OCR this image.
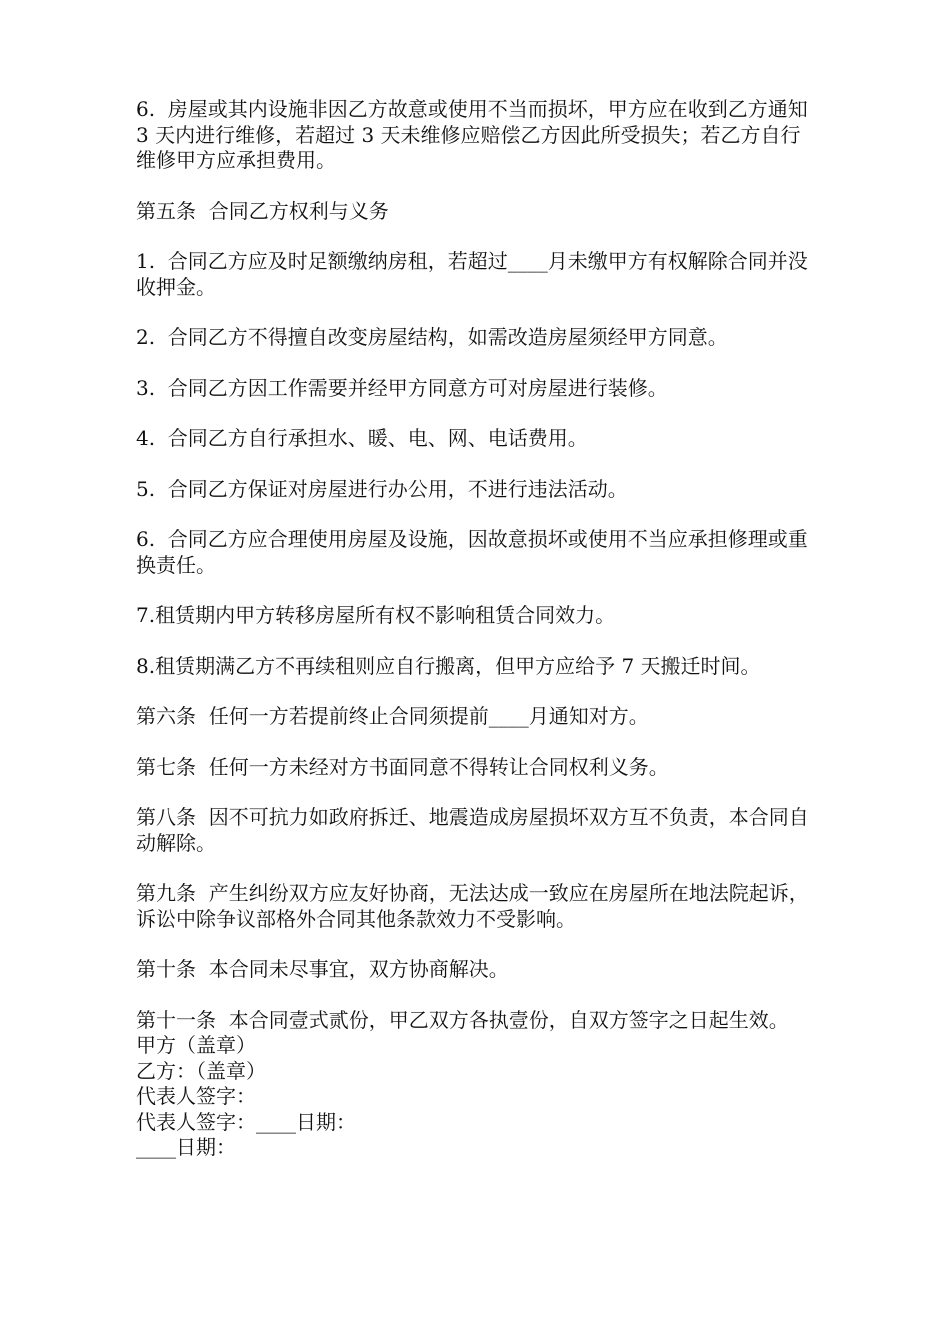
6.  房屋或其内设施非因乙方故意或使用不当而损坏，甲方应在收到乙方通知 3 天内进行维修，若超过 3 天未维修应赔偿乙方因此所受损失；若乙方自行维修甲方应承担费用。

第五条  合同乙方权利与义务

1.  合同乙方应及时足额缴纳房租，若超过____月未缴甲方有权解除合同并没收押金。

2.  合同乙方不得擅自改变房屋结构，如需改造房屋须经甲方同意。

3.  合同乙方因工作需要并经甲方同意方可对房屋进行装修。

4.  合同乙方自行承担水、暖、电、网、电话费用。

5.  合同乙方保证对房屋进行办公用，不进行违法活动。

6.  合同乙方应合理使用房屋及设施，因故意损坏或使用不当应承担修理或重换责任。

7.租赁期内甲方转移房屋所有权不影响租赁合同效力。

8.租赁期满乙方不再续租则应自行搬离，但甲方应给予 7 天搬迁时间。

第六条  任何一方若提前终止合同须提前____月通知对方。

第七条  任何一方未经对方书面同意不得转让合同权利义务。

第八条  因不可抗力如政府拆迁、地震造成房屋损坏双方互不负责，本合同自动解除。

第九条  产生纠纷双方应友好协商，无法达成一致应在房屋所在地法院起诉，诉讼中除争议部格外合同其他条款效力不受影响。

第十条  本合同未尽事宜，双方协商解决。

第十一条  本合同壹式贰份，甲乙双方各执壹份，自双方签字之日起生效。

甲方（盖章）

乙方：（盖章）

代表人签字：

代表人签字：____日期：

____日期：
